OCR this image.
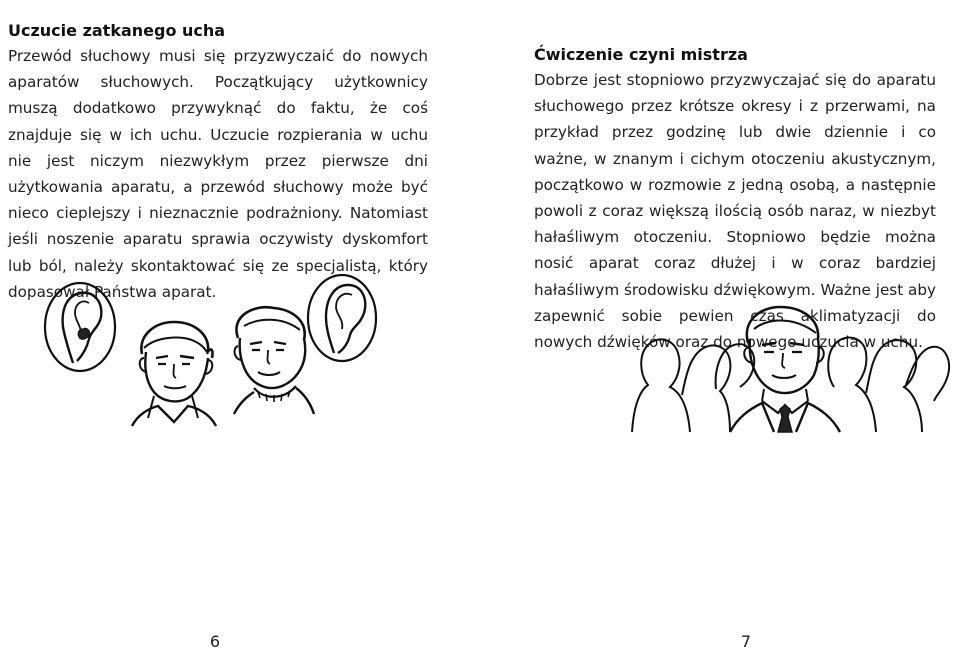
Uczucie zatkanego ucha

Przewód słuchowy musi się przyzwyczaić do nowych aparatów słuchowych. Początkujący użytkownicy muszą dodatkowo przywyknąć do faktu, że coś znajduje się w ich uchu. Uczucie rozpierania w uchu nie jest niczym niezwykłym przez pierwsze dni użytkowania aparatu, a przewód słuchowy może być nieco cieplejszy i nieznacznie podrażniony. Natomiast jeśli noszenie aparatu sprawia oczywisty dyskomfort lub ból, należy skontaktować się ze specjalistą, który dopasował Państwa aparat.

6
Ćwiczenie czyni mistrza

Dobrze jest stopniowo przyzwyczajać się do aparatu słuchowego przez krótsze okresy i z przerwami, na przykład przez godzinę lub dwie dziennie i co ważne, w znanym i cichym otoczeniu akustycznym, początkowo w rozmowie z jedną osobą, a następnie powoli z coraz większą ilością osób naraz, w niezbyt hałaśliwym otoczeniu. Stopniowo będzie można nosić aparat coraz dłużej i w coraz bardziej hałaśliwym środowisku dźwiękowym. Ważne jest aby zapewnić sobie pewien czas aklimatyzacji do nowych dźwięków oraz do nowego uczucia w uchu.

7
